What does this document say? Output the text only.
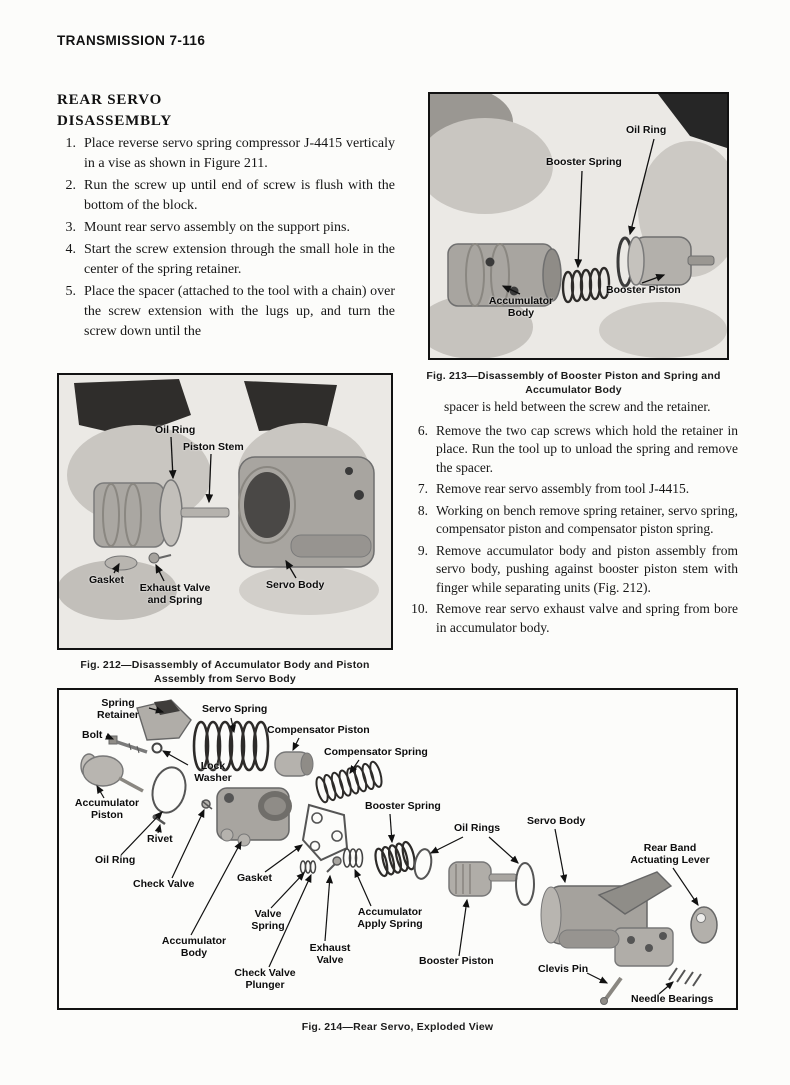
TRANSMISSION 7-116
REAR SERVO
DISASSEMBLY
1. Place reverse servo spring compressor J-4415 verticaly in a vise as shown in Figure 211.
2. Run the screw up until end of screw is flush with the bottom of the block.
3. Mount rear servo assembly on the support pins.
4. Start the screw extension through the small hole in the center of the spring retainer.
5. Place the spacer (attached to the tool with a chain) over the screw extension with the lugs up, and turn the screw down until the
Oil Ring
Booster Spring
Booster Piston
Accumulator Body
Fig. 213—Disassembly of Booster Piston and Spring and
Accumulator Body

spacer is held between the screw and the retainer.

6. Remove the two cap screws which hold the retainer in place. Run the tool up to unload the spring and remove the spacer.
7. Remove rear servo assembly from tool J-4415.
8. Working on bench remove spring retainer, servo spring, compensator piston and compensator piston spring.
9. Remove accumulator body and piston assembly from servo body, pushing against booster piston stem with finger while separating units (Fig. 212).
10. Remove rear servo exhaust valve and spring from bore in accumulator body.
Oil Ring
Piston Stem
Gasket
Exhaust Valve and Spring
Servo Body
Fig. 212—Disassembly of Accumulator Body and Piston
Assembly from Servo Body
Spring Retainer
Bolt
Servo Spring
Compensator Piston
Compensator Spring
Lock Washer
Accumulator Piston
Rivet
Oil Ring
Check Valve	Gasket
Valve Spring
Accumulator Body
Check Valve Plunger
Exhaust Valve
Accumulator Apply Spring
Booster Spring
Oil Rings
Servo Body
Rear Band Actuating Lever
Booster Piston
Clevis Pin
Needle Bearings
Fig. 214—Rear Servo, Exploded View
